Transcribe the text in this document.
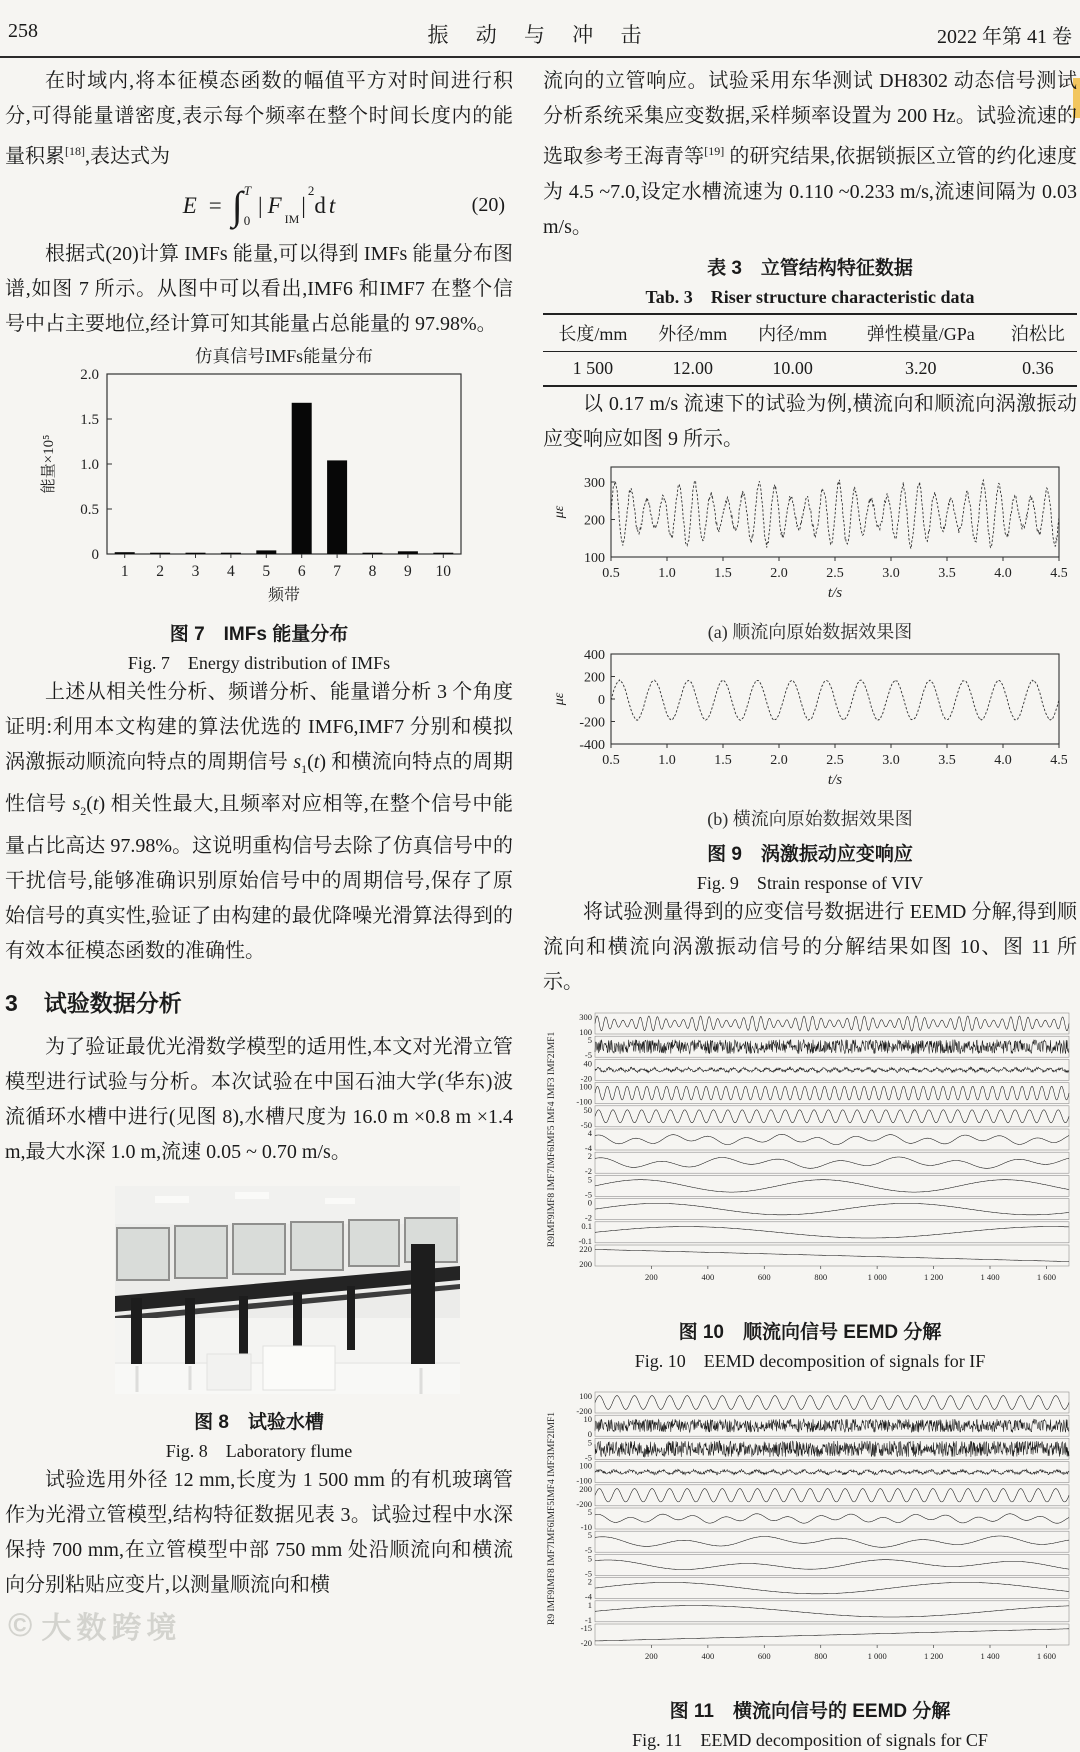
258	振 动 与 冲 击	2022 年第 41 卷

在时域内,将本征模态函数的幅值平方对时间进行积分,可得能量谱密度,表示每个频率在整个时间长度内的能量积累[18],表达式为

E = ∫ T
0
| F
$_{IM}$
|
$^2$
d t	(20)

根据式(20)计算 IMFs 能量,可以得到 IMFs 能量分布图谱,如图 7 所示。从图中可以看出,IMF6 和IMF7 在整个信号中占主要地位,经计算可知其能量占总能量的 97.98%。

仿真信号IMFs能量分布
0
0.5
1.0
1.5
2.0
1 2 3 4 5 6 7 8 9 10
能量×10⁵
频带
图 7　IMFs 能量分布
Fig. 7　Energy distribution of IMFs

上述从相关性分析、频谱分析、能量谱分析 3 个角度证明:利用本文构建的算法优选的 IMF6,IMF7 分别和模拟涡激振动顺流向特点的周期信号 $s_1(t)$ 和横流向特点的周期性信号 $s_2(t)$ 相关性最大,且频率对应相等,在整个信号中能量占比高达 97.98%。这说明重构信号去除了仿真信号中的干扰信号,能够准确识别原始信号中的周期信号,保存了原始信号的真实性,验证了由构建的最优降噪光滑算法得到的有效本征模态函数的准确性。

3 试验数据分析

为了验证最优光滑数学模型的适用性,本文对光滑立管模型进行试验与分析。本次试验在中国石油大学(华东)波流循环水槽中进行(见图 8),水槽尺度为 16.0 m ×0.8 m ×1.4 m,最大水深 1.0 m,流速 0.05 ~ 0.70 m/s。

图 8　试验水槽
Fig. 8　Laboratory flume

试验选用外径 12 mm,长度为 1 500 mm 的有机玻璃管作为光滑立管模型,结构特征数据见表 3。试验过程中水深保持 700 mm,在立管模型中部 750 mm 处沿顺流向和横流向分别粘贴应变片,以测量顺流向和横

流向的立管响应。试验采用东华测试 DH8302 动态信号测试分析系统采集应变数据,采样频率设置为 200 Hz。试验流速的选取参考王海青等[19] 的研究结果,依据锁振区立管的约化速度为 4.5 ~7.0,设定水槽流速为 0.110 ~0.233 m/s,流速间隔为 0.03 m/s。

表 3　立管结构特征数据
Tab. 3　Riser structure characteristic data
长度/mm	外径/mm	内径/mm	弹性模量/GPa	泊松比
1 500	12.00	10.00	3.20	0.36

以 0.17 m/s 流速下的试验为例,横流向和顺流向涡激振动应变响应如图 9 所示。

100
200
300
0.5	1.0	1.5	2.0	2.5	3.0	3.5	4.0	4.5
με
t/s
(a) 顺流向原始数据效果图
-400
-200
0
200
400
0.5	1.0	1.5	2.0	2.5	3.0	3.5	4.0	4.5
με
t/s
(b) 横流向原始数据效果图
图 9　涡激振动应变响应
Fig. 9　Strain response of VIV

将试验测量得到的应变信号数据进行 EEMD 分解,得到顺流向和横流向涡激振动信号的分解结果如图 10、图 11 所示。

300
100
5
-5
40
-20
100
-100
50
-50
4
-4
2
-2
5
-5
0
-2
0.1
-0.1
220
200
200	400	600	800	1 000	1 200	1 400	1 600
R9IMF9IMF8 IMF7IMF6IMF5 IMF4 IMF3 IMF2IMF1
图 10　顺流向信号 EEMD 分解
Fig. 10　EEMD decomposition of signals for IF
100
-200
10
0
5
-5
100
-100
200
-200
5
-10
5
-5
5
-5
2
-4
1
-1
-15
-20
200	400	600	800	1 000	1 200	1 400	1 600
R9 IMF9IMF8 IMF7IMF6IMF5IMF4 IMF3IMF2IMF1
图 11　横流向信号的 EEMD 分解
Fig. 11　EEMD decomposition of signals for CF
© 大数跨境
